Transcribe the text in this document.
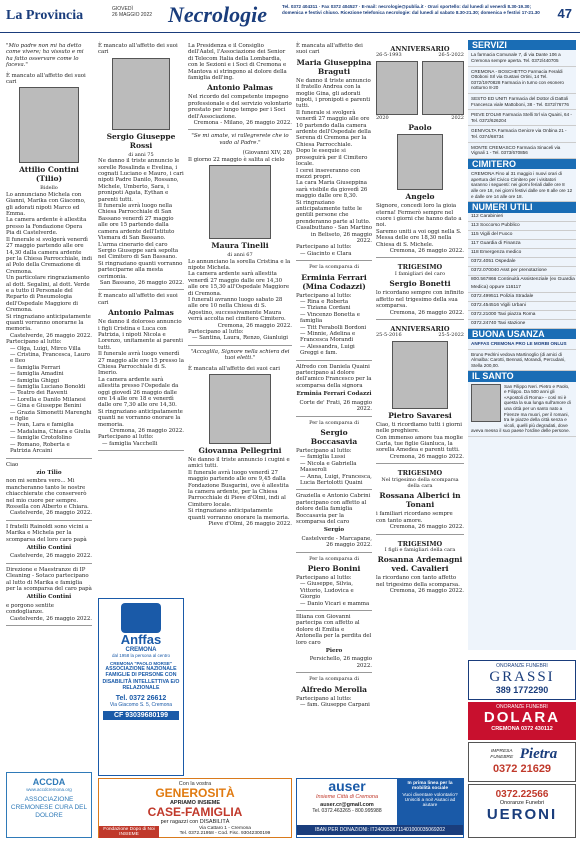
La Provincia	GIOVEDÌ
26 MAGGIO 2022 Necrologie	Tel. 0372 404311 · Fax 0372 404527 · E-mail: necrologie@publia.it · Orari sportello: dal lunedì al venerdì 8.30-19.30; domenica e festivi chiuso. Ricezione telefonica necrologie: dal lunedì al sabato 8.30-21.30; domenica e festivi 17-21.30	47
"Mio padre non mi ha detto come vivere; ha vissuto e mi ha fatto osservare come lo faceva."
È mancato all'affetto dei suoi cari
Attilio Contini (Tilio)
Bidello
Lo annunciano Michela con Gianni, Marika con Giacomo, gli adorati nipoti Marco ed Emma.
La camera ardente è allestita presso la Fondazione Opera Pia di Castelverde.
Il funerale si svolgerà venerdì 27 maggio partendo alle ore 14,30 dalla camera ardente per la Chiesa Parrocchiale, indi al Polo della Cremazione di Cremona.
Un particolare ringraziamento al dott. Segalini, al dott. Verde e a tutto il Personale del Reparto di Pneumologia dell'Ospedale Maggiore di Cremona.
Si ringraziano anticipatamente quanti vorranno onorarne la memoria.
Castelverde, 26 maggio 2022.
Partecipano al lutto:
— Olga, Luigi, Mirco Villa
— Cristina, Francesca, Lauro e Ileo
— famiglia Ferrari
— famiglia Amadini
— famiglia Ghiggi
— famiglia Luciano Bonoldi
— Teatro dei Raventi
— Lorella e Danilo Milanesi
— Gina e Giuseppe Benini
— Grazia Simonetti Marenghi e figlie
— Ivan, Lara e famiglia
— Madalaina, Chiara e Giulia
— famiglie Crotofolino
— Romano, Roberta e Patrizia Arcaini
Ciao
zio Tilio
non mi sembra vero... Mi mancheranno tanto le nostre chiacchierate che conserverò nel mio cuore per sempre.
Rossella con Alberto e Chiara.
Castelverde, 26 maggio 2022.
I fratelli Rainoldi sono vicini a Marika e Michela per la scomparsa del loro caro papà
Attilio Contini
Castelverde, 26 maggio 2022.
Direzione e Maestranze di IP Cleaning - Sotaco partecipano al lutto di Marika e famiglia per la scomparsa del caro papà
Attilio Contini
e porgono sentite condoglianze.
Castelverde, 26 maggio 2022.
È mancato all'affetto dei suoi cari
Sergio Giuseppe Rossi
di anni 75
Ne danno il triste annuncio le sorelle Rosalinda e Evelina, i cognati Luciano e Mauro, i cari nipoti Padre Danilo, Rossano, Michele, Umberto, Sara, i pronipoti Agata, Eythan e parenti tutti.
Il funerale avrà luogo nella Chiesa Parrocchiale di San Bassano venerdì 27 maggio alle ore 15 partendo dalla camera ardente dell'Istituto Vismara di San Bassano.
L'arma cinerario del caro Sergio Giuseppe sarà sepolta nel Cimitero di San Bassano.
Si ringraziano quanti vorranno parteciparne alla mesta cerimonia.
San Bassano, 26 maggio 2022.
È mancato all'affetto dei suoi cari
Antonio Palmas
Ne danno il doloroso annuncio i figli Cristina e Luca con Patrizia, i nipoti Nicola e Lorenzo, unitamente ai parenti tutti.
Il funerale avrà luogo venerdì 27 maggio alle ore 15 presso la Chiesa Parrocchiale di S. Imerio.
La camera ardente sarà allestita presso l'Ospedale da oggi giovedì 26 maggio dalle ore 14 alle ore 18 e venerdì dalle ore 7,30 alle ore 14,30.
Si ringraziano anticipatamente quanti ne vorranno onorare la memoria.
Cremona, 26 maggio 2022.
Partecipano al lutto:
— famiglia Vacchelli
La Presidenza e il Consiglio dell'Aatel, l'Associazione dei Senior di Telecom Italia della Lombardia, con le Sezioni e i Soci di Cremona e Mantova si stringono al dolore della famiglia dell'ing.
Antonio Palmas
Nel ricordo del competente impegno professionale e del servizio volontario prestato per lungo tempo per i Soci dell'Associazione.
Cremona - Milano, 26 maggio 2022.
"Se mi amate, vi rallegrerete che io vado al Padre."
(Giovanni XIV, 28)
Il giorno 22 maggio è salita al cielo
Maura Tinelli
di anni 67
Lo annunciano la sorella Cristina e la nipote Michela.
La camera ardente sarà allestita venerdì 27 maggio dalle ore 14,30 alle ore 15,30 all'Ospedale Maggiore di Cremona.
I funerali avranno luogo sabato 28 alle ore 10 nella Chiesa di S. Agostino, successivamente Maura verrà accolta nel cimitero Cimitero.
Cremona, 26 maggio 2022.
Partecipano al lutto:
— Santina, Laura, Renzo, Gianluigi
"Accoglila, Signore nella schiera dei tuoi eletti."
È mancata all'affetto dei suoi cari
Giovanna Pellegrini
Ne danno il triste annuncio i cugini e amici tutti.
Il funerale avrà luogo venerdì 27 maggio partendo alle ore 9,45 dalla Fondazione Busgarini, ove è allestita la camera ardente, per la Chiesa Parrocchiale di Pieve d'Olmi, indi al Cimitero locale.
Si ringraziano anticipatamente quanti vorranno onorare la memoria.
Pieve d'Olmi, 26 maggio 2022.
È mancata all'affetto dei suoi cari
Maria Giuseppina Braguti
Ne danno il triste annuncio il fratello Andrea con la moglie Gina, gli adorati nipoti, i pronipoti e parenti tutti.
Il funerale si svolgerà venerdì 27 maggio alle ore 10 partendo dalla camera ardente dell'Ospedale della Serena di Cremona per la Chiesa Parrocchiale.
Dopo le esequie si proseguirà per il Cimitero locale.
I cerei inseveranno con mezzi propri.
La cara Maria Giuseppina sarà visibile da giovedì 26 maggio dalle ore 8,30.
Si ringraziano anticipatamente tutte le gentili persone che prenderanno parte al lutto.
Casalbuttano - San Martino in Beliseto, 26 maggio 2022.
Partecipano al lutto:
— Giacinto e Clara
Per la scomparsa di
Erminia Ferrari (Mina Codazzi)
Partecipano al lutto:
— Rina e Roberta
— Tiziana Cordani
— Vincenzo Bonetta e famiglia
— Titt Ferabolli Bordoni
— Minnie, Adelina e Francesca Morandi
— Alessandra, Luigi Greggi e fam.
Alfredo con Daniela Quaini partecipano al dolore dell'amico Francesco per la scomparsa della signora
Erminia Ferrari Codazzi
Corte de' Frati, 26 maggio 2022.
Per la scomparsa di
Sergio Boccasavia
Partecipano al lutto:
— famiglia Lussi
— Nicola e Gabriella Masseroli
— Anna, Luigi, Francesca, Lucia Bertolotti Quaini
Graziella e Antonio Cabrini partecipano con affetto al dolore della famiglia Boccasavia per la scomparsa del caro
Sergio
Castelverde - Marcapane, 26 maggio 2022.
Per la scomparsa di
Piero Bonini
Partecipano al lutto:
— Giuseppe, Silvia, Vittorio, Ludovica e Giorgio
— Danio Vicari e mamma
Illiana con Giovanni partecipa con affetto al dolore di Emilia e Antonella per la perdita del loro caro
Piero
Persichello, 26 maggio 2022.
Per la scomparsa di
Alfredo Merolla
Partecipano al lutto:
— fam. Giuseppe Carpani
ANNIVERSARIO
26-5-1993	26-5-2022
2020	2022
Paolo
Angelo
Signore, concedi loro la gioia eterna! Fermerò sempre nel cuore i giorni che hanno dato a noi.
Saremo uniti a voi oggi nella S. Messa delle ore 18,30 nella Chiesa di S. Michele.
Cremona, 26 maggio 2022.
TRIGESIMO
I famigliari del caro
Sergio Bonetti
lo ricordano sempre con infinito affetto nel trigesimo della sua scomparsa.
Cremona, 26 maggio 2022.
ANNIVERSARIO
25-5-2016	25-5-2022
Pietro Savaresi
Ciao, ti ricordiamo tutti i giorni nelle preghiere.
Con immenso amore tua moglie Carla, tue figlie Gianluca, la sorella Amedea e parenti tutti.
Cremona, 26 maggio 2022.
TRIGESIMO
Nel trigesimo della scomparsa della cara
Rossana Alberici in Tonani
i familiari ricordano sempre con tanto amore.
Cremona, 26 maggio 2022.
TRIGESIMO
I figli e famigliari della cara
Rosanna Ardemagni ved. Cavalieri
la ricordano con tanto affetto nel trigesimo della scomparsa.
Cremona, 26 maggio 2022.
SERVIZI
La farmacia Comunale 7, di via Dante 106 a Cremona sempre aperta. Tel. 0372/440705
CREMONA - BOSCHETTO Farmacia Feraldi Ottoboni Srl via Gustavi Ortini, 14 Tel. 0372/1970828 Farmacia in turno con esonero notturno 8-20
SESTO ED UNITI Farmacia del Dottor di Dattoli Francesca viale Mattoboni, 38 - Tel. 0372/76776
PIEVE D'OLMI Farmacia Stelli Srl via Quaini, 64 - Tel. 0372/626204
GENIVOLTA Farmacia Genicre via Onbina 21 - Tel. 0374/68734
MONTE CREMASCO Farmacia Sinaceli via Vignali 1 - Tel. 0373/670856
CIMITERO
CREMONA Fino al 31 maggio i nuovi orari di apertura del Civico Cimitero per i visitatori saranno i seguenti: nei giorni feriali dalle ore 8 alle ore 18, nei giorni festivi dalle ore 8 alle ore 12 e dalle ore 14 alle ore 18.
NUMERI UTILI
112 Carabinieri
113 Soccorso Pubblico
115 Vigili del Fuoco
117 Guardia di Finanza
118 Emergenza medico
0372.4051 Ospedale
0372.070040 Asst per prenotazione
800.567866 Continuità Assistenziale (ex Guardia Medica) oppure 116117
0372.499511 Polizia Stradale
0372.454516 Vigili Urbani
0372.21000 Taxi piazza Roma
0372.24740 Taxi stazione
BUONA USANZA
ANFFAS CREMONA PRO LE MORBI ONLUS
Bruno Pedrini vedova Martinoglio (di amici di Almalba: Carotti, Bennati, Morandi, Percudani, Stella 200,00.
IL SANTO
San Filippo Neri. Pietro e Paolo, e Filippo. Da 500 anni gli «Apostoli di Roma» - così mi è questa la sua lunga sull'amore di una città per un santo nato a Firenze ma muori, per il romani, tra le piazze della città senza e vicoli, quelli più degradati, dove aveva messo il suo paese l'ordine delle persone.
Anffas
CREMONA
dal 1958 la persona al centro
CREMONA "PAOLO MORSE"
ASSOCIAZIONE NAZIONALE FAMIGLIE DI PERSONE CON DISABILITÀ INTELLETTIVA E/O RELAZIONALE
Tel. 0372 26612
Via Giacomo S. 5, Cremona
CF 93039680199
ACCDA
www.accdcremona.org
ASSOCIAZIONE CREMONESE CURA DEL DOLORE
Con la vostra
GENEROSITÀ
APRIAMO INSIEME
CASE-FAMIGLIA
per ragazzi con DISABILITÀ
Fondazione Dopo di Noi INSIEME
Via Cattaro 1 - Cremona
Tel. 0372.21958 - Cod. Fisc. 93042300199
auser
Insieme Città di Cremona
auser.cr@gmail.com
Tel. 0372.463265 - 800.995988
In prima linea per la mobilità sociale
Vuoi diventare volontario? Unisciti a noi! Aiutaci ad aiutare
IBAN PER DONAZIONI: IT24O0538711401000035069202
ONORANZE FUNEBRI
GRASSI
389 1772290
ONORANZE FUNEBRI
DOLARA
CREMONA 0372 430112
IMPRESA FUNEBRE Pietra
0372 21629
0372.22566
Onoranze Funebri
UERONI
